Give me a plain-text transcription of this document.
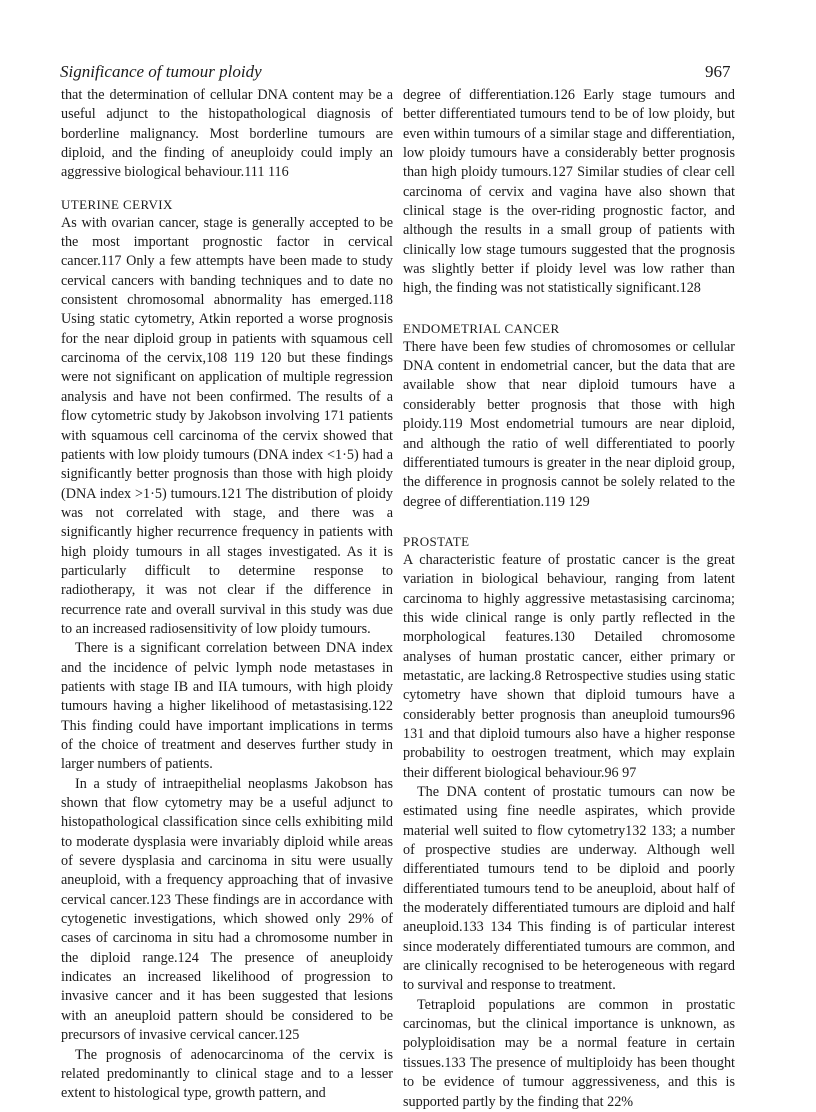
Significance of tumour ploidy	967

that the determination of cellular DNA content may be a useful adjunct to the histopathological diagnosis of borderline malignancy. Most borderline tumours are diploid, and the finding of aneuploidy could imply an aggressive biological behaviour.111 116

UTERINE CERVIX

As with ovarian cancer, stage is generally accepted to be the most important prognostic factor in cervical cancer.117 Only a few attempts have been made to study cervical cancers with banding techniques and to date no consistent chromosomal abnormality has emerged.118 Using static cytometry, Atkin reported a worse prognosis for the near diploid group in patients with squamous cell carcinoma of the cervix,108 119 120 but these findings were not significant on application of multiple regression analysis and have not been confirmed. The results of a flow cytometric study by Jakobson involving 171 patients with squamous cell carcinoma of the cervix showed that patients with low ploidy tumours (DNA index <1·5) had a significantly better prognosis than those with high ploidy (DNA index >1·5) tumours.121 The distribution of ploidy was not correlated with stage, and there was a significantly higher recurrence frequency in patients with high ploidy tumours in all stages investigated. As it is particularly difficult to determine response to radiotherapy, it was not clear if the difference in recurrence rate and overall survival in this study was due to an increased radiosensitivity of low ploidy tumours.

There is a significant correlation between DNA index and the incidence of pelvic lymph node metastases in patients with stage IB and IIA tumours, with high ploidy tumours having a higher likelihood of metastasising.122 This finding could have important implications in terms of the choice of treatment and deserves further study in larger numbers of patients.

In a study of intraepithelial neoplasms Jakobson has shown that flow cytometry may be a useful adjunct to histopathological classification since cells exhibiting mild to moderate dysplasia were invariably diploid while areas of severe dysplasia and carcinoma in situ were usually aneuploid, with a frequency approaching that of invasive cervical cancer.123 These findings are in accordance with cytogenetic investigations, which showed only 29% of cases of carcinoma in situ had a chromosome number in the diploid range.124 The presence of aneuploidy indicates an increased likelihood of progression to invasive cancer and it has been suggested that lesions with an aneuploid pattern should be considered to be precursors of invasive cervical cancer.125

The prognosis of adenocarcinoma of the cervix is related predominantly to clinical stage and to a lesser extent to histological type, growth pattern, and

degree of differentiation.126 Early stage tumours and better differentiated tumours tend to be of low ploidy, but even within tumours of a similar stage and differentiation, low ploidy tumours have a considerably better prognosis than high ploidy tumours.127 Similar studies of clear cell carcinoma of cervix and vagina have also shown that clinical stage is the over-riding prognostic factor, and although the results in a small group of patients with clinically low stage tumours suggested that the prognosis was slightly better if ploidy level was low rather than high, the finding was not statistically significant.128

ENDOMETRIAL CANCER

There have been few studies of chromosomes or cellular DNA content in endometrial cancer, but the data that are available show that near diploid tumours have a considerably better prognosis that those with high ploidy.119 Most endometrial tumours are near diploid, and although the ratio of well differentiated to poorly differentiated tumours is greater in the near diploid group, the difference in prognosis cannot be solely related to the degree of differentiation.119 129

PROSTATE

A characteristic feature of prostatic cancer is the great variation in biological behaviour, ranging from latent carcinoma to highly aggressive metastasising carcinoma; this wide clinical range is only partly reflected in the morphological features.130 Detailed chromosome analyses of human prostatic cancer, either primary or metastatic, are lacking.8 Retrospective studies using static cytometry have shown that diploid tumours have a considerably better prognosis than aneuploid tumours96 131 and that diploid tumours also have a higher response probability to oestrogen treatment, which may explain their different biological behaviour.96 97

The DNA content of prostatic tumours can now be estimated using fine needle aspirates, which provide material well suited to flow cytometry132 133; a number of prospective studies are underway. Although well differentiated tumours tend to be diploid and poorly differentiated tumours tend to be aneuploid, about half of the moderately differentiated tumours are diploid and half aneuploid.133 134 This finding is of particular interest since moderately differentiated tumours are common, and are clinically recognised to be heterogeneous with regard to survival and response to treatment.

Tetraploid populations are common in prostatic carcinomas, but the clinical importance is unknown, as polyploidisation may be a normal feature in certain tissues.133 The presence of multiploidy has been thought to be evidence of tumour aggressiveness, and this is supported partly by the finding that 22%
